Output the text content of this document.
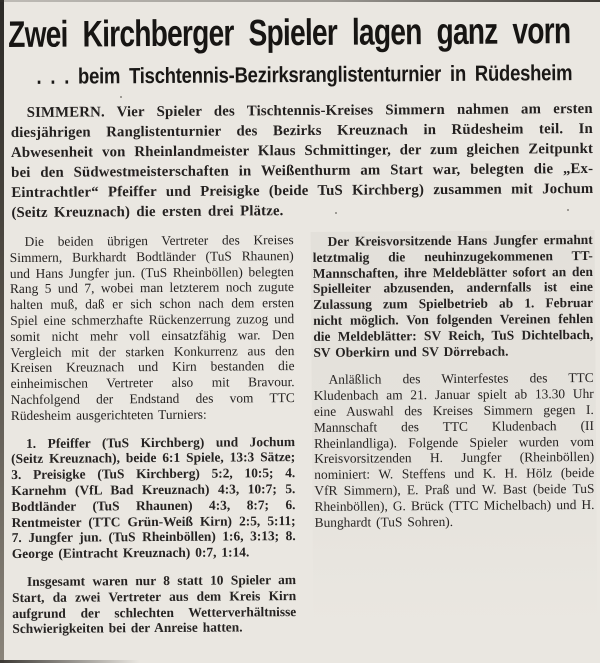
Zwei Kirchberger Spieler lagen ganz vorn
. . . beim Tischtennis-Bezirksranglistenturnier in Rüdesheim

SIMMERN. Vier Spieler des Tischtennis-Kreises Simmern nahmen am ersten diesjährigen Ranglistenturnier des Bezirks Kreuznach in Rüdesheim teil. In Abwesenheit von Rheinlandmeister Klaus Schmittinger, der zum gleichen Zeitpunkt bei den Südwestmeisterschaften in Weißenthurm am Start war, belegten die „Ex-Eintrachtler“ Pfeiffer und Preisigke (beide TuS Kirchberg) zusammen mit Jochum (Seitz Kreuznach) die ersten drei Plätze.

Die beiden übrigen Vertreter des Kreises Simmern, Burkhardt Bodtländer (TuS Rhaunen) und Hans Jungfer jun. (TuS Rheinböllen) belegten Rang 5 und 7, wobei man letzterem noch zugute halten muß, daß er sich schon nach dem ersten Spiel eine schmerzhafte Rückenzerrung zuzog und somit nicht mehr voll einsatzfähig war. Den Vergleich mit der starken Konkurrenz aus den Kreisen Kreuznach und Kirn bestanden die einheimischen Vertreter also mit Bravour. Nachfolgend der Endstand des vom TTC Rüdesheim ausgerichteten Turniers:

1. Pfeiffer (TuS Kirchberg) und Jochum (Seitz Kreuznach), beide 6:1 Spiele, 13:3 Sätze; 3. Preisigke (TuS Kirchberg) 5:2, 10:5; 4. Karnehm (VfL Bad Kreuznach) 4:3, 10:7; 5. Bodtländer (TuS Rhaunen) 4:3, 8:7; 6. Rentmeister (TTC Grün-Weiß Kirn) 2:5, 5:11; 7. Jungfer jun. (TuS Rheinböllen) 1:6, 3:13; 8. George (Eintracht Kreuznach) 0:7, 1:14.

Insgesamt waren nur 8 statt 10 Spieler am Start, da zwei Vertreter aus dem Kreis Kirn aufgrund der schlechten Wetterverhältnisse Schwierigkeiten bei der Anreise hatten.

Der Kreisvorsitzende Hans Jungfer ermahnt letztmalig die neuhinzugekommenen TT-Mannschaften, ihre Meldeblätter sofort an den Spielleiter abzusenden, andernfalls ist eine Zulassung zum Spielbetrieb ab 1. Februar nicht möglich. Von folgenden Vereinen fehlen die Meldeblätter: SV Reich, TuS Dichtelbach, SV Oberkirn und SV Dörrebach.

Anläßlich des Winterfestes des TTC Kludenbach am 21. Januar spielt ab 13.30 Uhr eine Auswahl des Kreises Simmern gegen I. Mannschaft des TTC Kludenbach (II Rheinlandliga). Folgende Spieler wurden vom Kreisvorsitzenden H. Jungfer (Rheinböllen) nominiert: W. Steffens und K. H. Hölz (beide VfR Simmern), E. Praß und W. Bast (beide TuS Rheinböllen), G. Brück (TTC Michelbach) und H. Bunghardt (TuS Sohren).
